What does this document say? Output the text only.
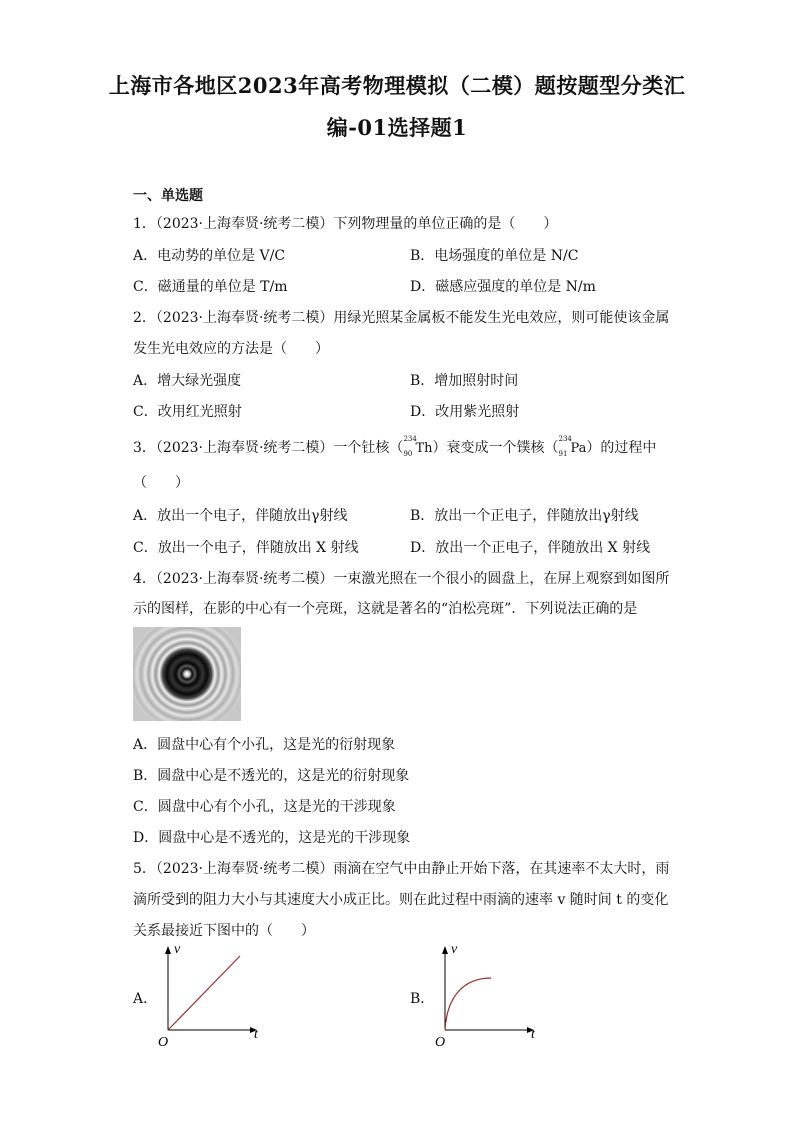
上海市各地区2023年高考物理模拟（二模）题按题型分类汇
编-01选择题1
一、单选题
1．（2023·上海奉贤·统考二模）下列物理量的单位正确的是（　　）
A．电动势的单位是 V/C	B．电场强度的单位是 N/C
C．磁通量的单位是 T/m	D．磁感应强度的单位是 N/m
2．（2023·上海奉贤·统考二模）用绿光照某金属板不能发生光电效应，则可能使该金属
发生光电效应的方法是（　　）
A．增大绿光强度	B．增加照射时间
C．改用红光照射	D．改用紫光照射
3．（2023·上海奉贤·统考二模）一个钍核（
234
90 Th）衰变成一个镤核（
234
91 Pa）的过程中
（　　）
A．放出一个电子，伴随放出γ射线	B．放出一个正电子，伴随放出γ射线
C．放出一个电子，伴随放出 X 射线	D．放出一个正电子，伴随放出 X 射线
4．（2023·上海奉贤·统考二模）一束激光照在一个很小的圆盘上，在屏上观察到如图所
示的图样，在影的中心有一个亮斑，这就是著名的“泊松亮斑”．下列说法正确的是
A．圆盘中心有个小孔，这是光的衍射现象
B．圆盘中心是不透光的，这是光的衍射现象
C．圆盘中心有个小孔，这是光的干涉现象
D．圆盘中心是不透光的，这是光的干涉现象
5．（2023·上海奉贤·统考二模）雨滴在空气中由静止开始下落，在其速率不太大时，雨
滴所受到的阻力大小与其速度大小成正比。则在此过程中雨滴的速率 v 随时间 t 的变化
关系最接近下图中的（　　）
A．
v
t
O
B．
v
t
O
